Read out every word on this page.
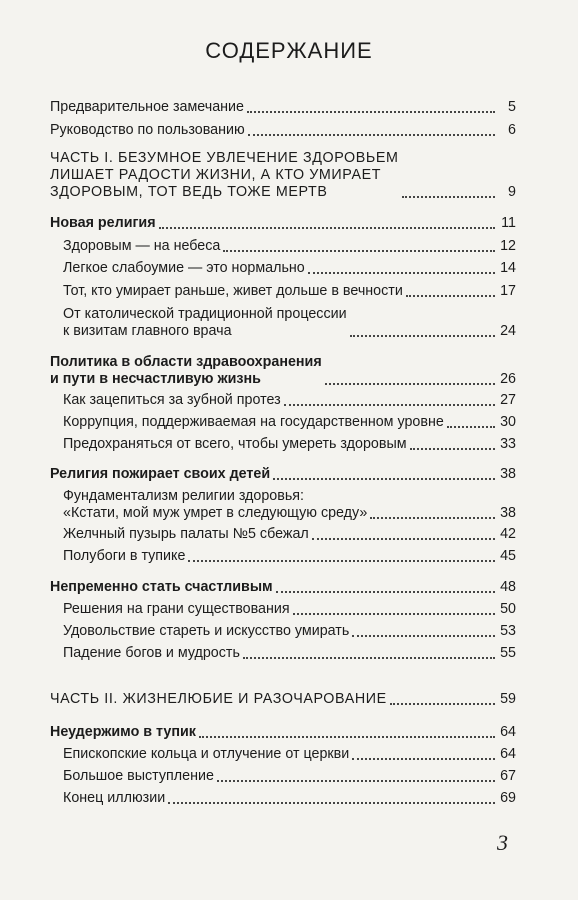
СОДЕРЖАНИЕ
Предварительное замечание	5
Руководство по пользованию	6
ЧАСТЬ I. БЕЗУМНОЕ УВЛЕЧЕНИЕ ЗДОРОВЬЕМ
ЛИШАЕТ РАДОСТИ ЖИЗНИ, А КТО УМИРАЕТ
ЗДОРОВЫМ, ТОТ ВЕДЬ ТОЖЕ МЕРТВ	9
Новая религия	11
Здоровым — на небеса	12
Легкое слабоумие — это нормально	14
Тот, кто умирает раньше, живет дольше в вечности	17
От католической традиционной процессии
к визитам главного врача	24
Политика в области здравоохранения
и пути в несчастливую жизнь	26
Как зацепиться за зубной протез	27
Коррупция, поддерживаемая на государственном уровне	30
Предохраняться от всего, чтобы умереть здоровым	33
Религия пожирает своих детей	38
Фундаментализм религии здоровья:
«Кстати, мой муж умрет в следующую среду»	38
Желчный пузырь палаты №5 сбежал	42
Полубоги в тупике	45
Непременно стать счастливым	48
Решения на грани существования	50
Удовольствие стареть и искусство умирать	53
Падение богов и мудрость	55
ЧАСТЬ II. ЖИЗНЕЛЮБИЕ И РАЗОЧАРОВАНИЕ	59
Неудержимо в тупик	64
Епископские кольца и отлучение от церкви	64
Большое выступление	67
Конец иллюзии	69
3
